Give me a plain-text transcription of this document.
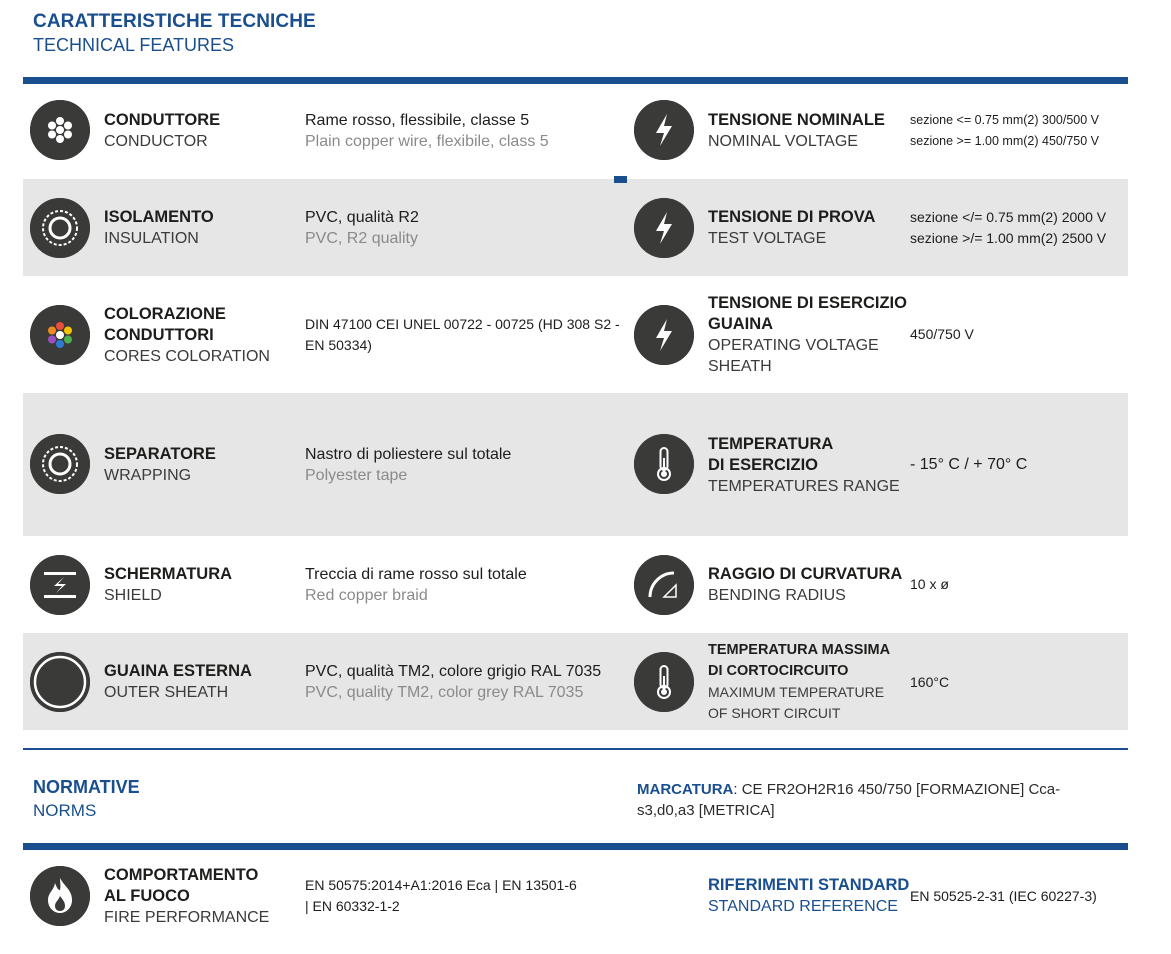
CARATTERISTICHE TECNICHE
TECHNICAL FEATURES
CONDUTTORE
CONDUCTOR
Rame rosso, flessibile, classe 5
Plain copper wire, flexibile, class 5
TENSIONE NOMINALE
NOMINAL VOLTAGE
sezione <= 0.75 mm(2) 300/500 V
sezione >= 1.00 mm(2) 450/750 V
ISOLAMENTO
INSULATION
PVC, qualità R2
PVC, R2 quality
TENSIONE DI PROVA
TEST VOLTAGE
sezione </= 0.75 mm(2) 2000 V
sezione >/= 1.00 mm(2) 2500 V
COLORAZIONE
CONDUTTORI
CORES COLORATION
DIN 47100 CEI UNEL 00722 - 00725 (HD 308 S2 -
EN 50334)
TENSIONE DI ESERCIZIO
GUAINA
OPERATING VOLTAGE
SHEATH
450/750 V
SEPARATORE
WRAPPING
Nastro di poliestere sul totale
Polyester tape
TEMPERATURA
DI ESERCIZIO
TEMPERATURES RANGE
- 15° C / + 70° C
SCHERMATURA
SHIELD
Treccia di rame rosso sul totale
Red copper braid
RAGGIO DI CURVATURA
BENDING RADIUS
10 x ø
GUAINA ESTERNA
OUTER SHEATH
PVC, qualità TM2, colore grigio RAL 7035
PVC, quality TM2, color grey RAL 7035
TEMPERATURA MASSIMA
DI CORTOCIRCUITO
MAXIMUM TEMPERATURE
OF SHORT CIRCUIT
160°C
NORMATIVE
NORMS
MARCATURA: CE FR2OH2R16 450/750 [FORMAZIONE] Cca-
s3,d0,a3 [METRICA]
COMPORTAMENTO
AL FUOCO
FIRE PERFORMANCE
EN 50575:2014+A1:2016 Eca | EN 13501-6
| EN 60332-1-2
RIFERIMENTI STANDARD
STANDARD REFERENCE
EN 50525-2-31 (IEC 60227-3)
